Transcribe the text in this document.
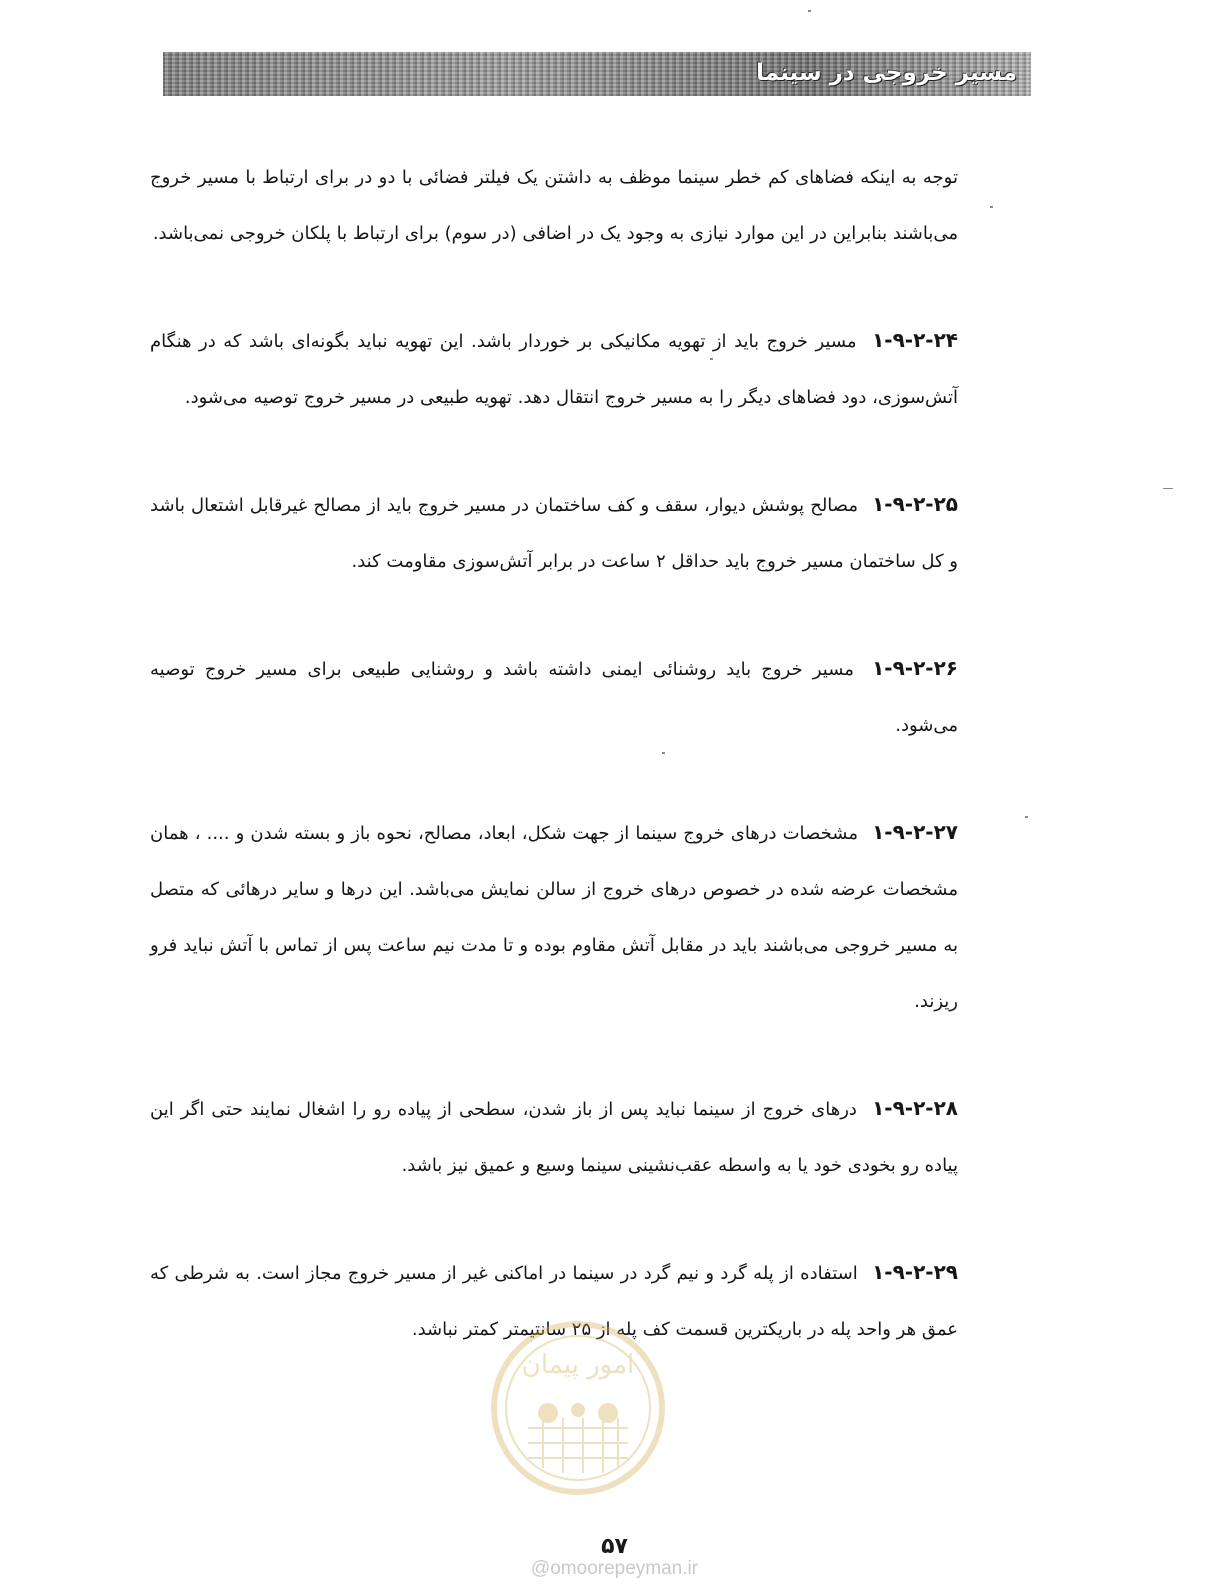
مسیر خروجی در سینما

توجه به اینکه فضاهای کم خطر سینما موظف به داشتن یک فیلتر فضائی با دو در برای ارتباط با مسیر خروج می‌باشند بنابراین در این موارد نیازی به وجود یک در اضافی (در سوم) برای ارتباط با پلکان خروجی نمی‌باشد.

۱-۹-۲-۲۴ مسیر خروج باید از تهویه مکانیکی بر خوردار باشد. این تهویه نباید بگونه‌ای باشد که در هنگام آتش‌سوزی، دود فضاهای دیگر را به مسیر خروج انتقال دهد. تهویه طبیعی در مسیر خروج توصیه می‌شود.

۱-۹-۲-۲۵ مصالح پوشش دیوار، سقف و کف ساختمان در مسیر خروج باید از مصالح غیرقابل اشتعال باشد و کل ساختمان مسیر خروج باید حداقل ۲ ساعت در برابر آتش‌سوزی مقاومت کند.

۱-۹-۲-۲۶ مسیر خروج باید روشنائی ایمنی داشته باشد و روشنایی طبیعی برای مسیر خروج توصیه می‌شود.

۱-۹-۲-۲۷ مشخصات درهای خروج سینما از جهت شکل، ابعاد، مصالح، نحوه باز و بسته شدن و .... ، همان مشخصات عرضه شده در خصوص درهای خروج از سالن نمایش می‌باشد. این درها و سایر درهائی که متصل به مسیر خروجی می‌باشند باید در مقابل آتش مقاوم بوده و تا مدت نیم ساعت پس از تماس با آتش نباید فرو ریزند.

۱-۹-۲-۲۸ درهای خروج از سینما نباید پس از باز شدن، سطحی از پیاده رو را اشغال نمایند حتی اگر این پیاده رو بخودی خود یا به واسطه عقب‌نشینی سینما وسیع و عمیق نیز باشد.

۱-۹-۲-۲۹ استفاده از پله گرد و نیم گرد در سینما در اماکنی غیر از مسیر خروج مجاز است. به شرطی که عمق هر واحد پله در باریکترین قسمت کف پله از ۲۵ سانتیمتر کمتر نباشد.

امور پیمان
۵۷
@omoorepeyman.ir
